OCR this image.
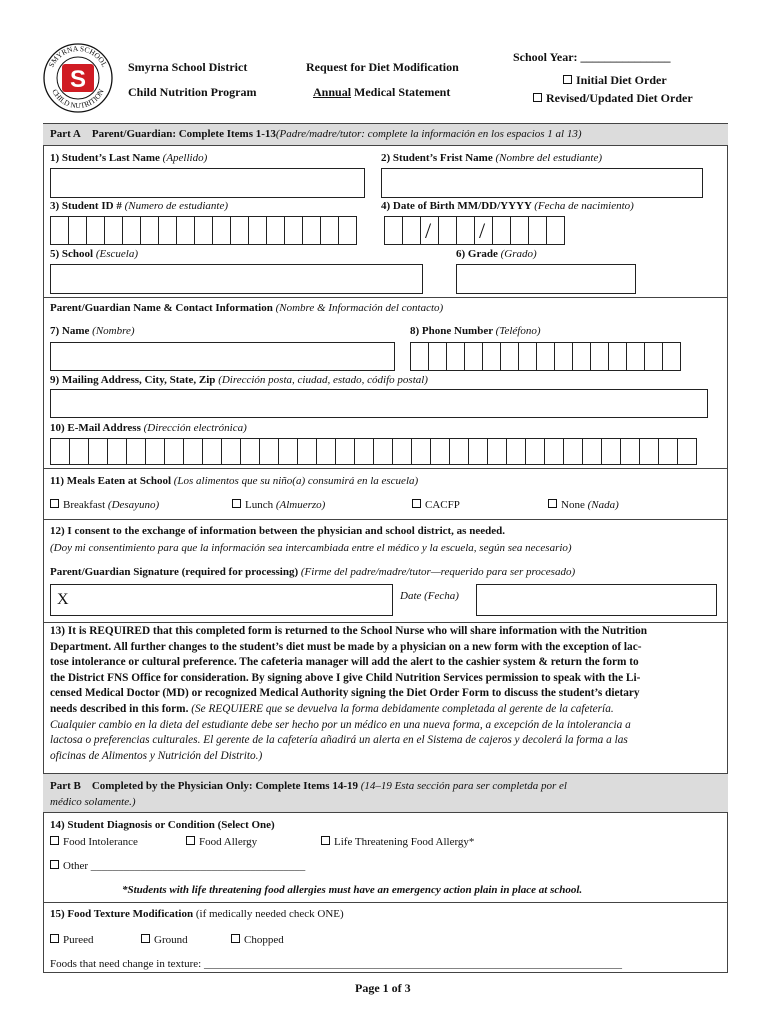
SMYRNA SCHOOL
CHILD NUTRITION
S	Smyrna School District
Child Nutrition Program
Request for Diet Modification
Annual Medical Statement
School Year: _______________
Initial Diet Order
Revised/Updated Diet Order
Part A Parent/Guardian: Complete Items 1-13(Padre/madre/tutor: complete la información en los espacios 1 al 13)
1) Student’s Last Name (Apellido)	2) Student’s Frist Name (Nombre del estudiante)
3) Student ID # (Numero de estudiante)	4) Date of Birth MM/DD/YYYY (Fecha de nacimiento)
/ /
5) School (Escuela)	6) Grade (Grado)
Parent/Guardian Name & Contact Information (Nombre & Información del contacto)
7) Name (Nombre)	8) Phone Number (Teléfono)
9) Mailing Address, City, State, Zip (Dirección posta, ciudad, estado, códifo postal)
10) E-Mail Address (Dirección electrónica)
11) Meals Eaten at School (Los alimentos que su niño(a) consumirá en la escuela)
Breakfast (Desayuno)	Lunch (Almuerzo)	CACFP	None (Nada)
12) I consent to the exchange of information between the physician and school district, as needed.
(Doy mi consentimiento para que la información sea intercambiada entre el médico y la escuela, según sea necesario)
Parent/Guardian Signature (required for processing) (Firme del padre/madre/tutor—requerido para ser procesado)
X	Date (Fecha)
13) It is REQUIRED that this completed form is returned to the School Nurse who will share information with the Nutrition
Department. All further changes to the student’s diet must be made by a physician on a new form with the exception of lac-
tose intolerance or cultural preference. The cafeteria manager will add the alert to the cashier system & return the form to
the District FNS Office for consideration. By signing above I give Child Nutrition Services permission to speak with the Li-
censed Medical Doctor (MD) or recognized Medical Authority signing the Diet Order Form to discuss the student’s dietary
needs described in this form. (Se REQUIERE que se devuelva la forma debidamente completada al gerente de la cafetería.
Cualquier cambio en la dieta del estudiante debe ser hecho por un médico en una nueva forma, a excepción de la intolerancia a
lactosa o preferencias culturales. El gerente de la cafetería añadirá un alerta en el Sistema de cajeros y decolerá la forma a las
oficinas de Alimentos y Nutrición del Distrito.)
Part B Completed by the Physician Only: Complete Items 14-19 (14–19 Esta sección para ser completda por el
médico solamente.)
14) Student Diagnosis or Condition (Select One)
Food Intolerance	Food Allergy	Life Threatening Food Allergy*
Other _______________________________________
*Students with life threatening food allergies must have an emergency action plain in place at school.
15) Food Texture Modification (if medically needed check ONE)
Pureed	Ground	Chopped
Foods that need change in texture: ____________________________________________________________________________
Page 1 of 3
